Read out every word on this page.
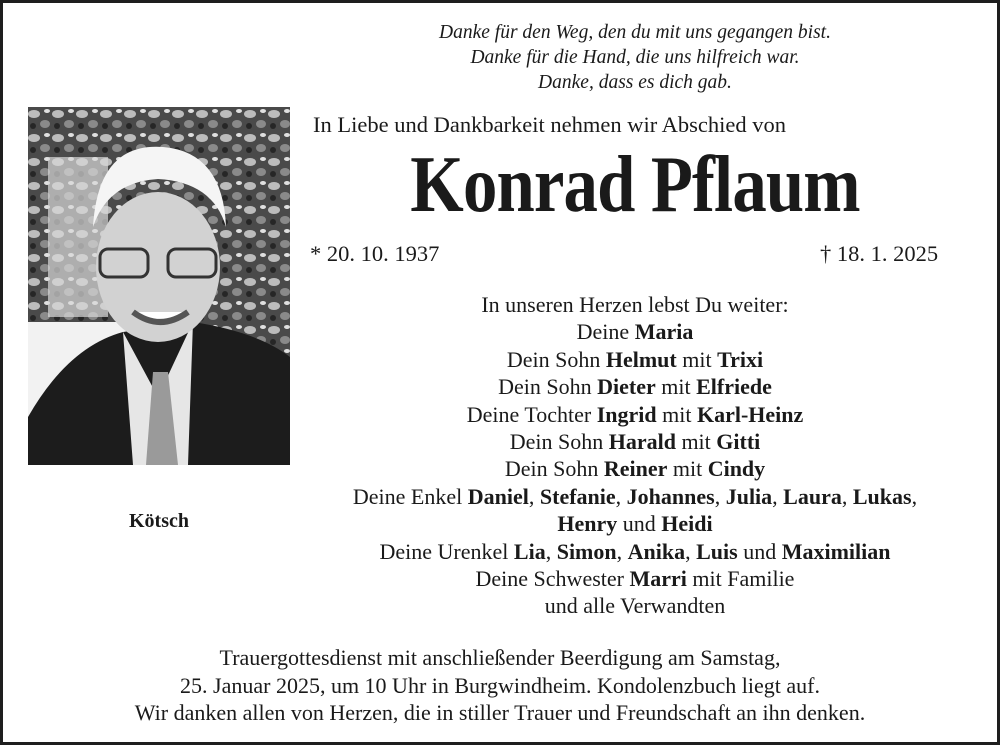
Danke für den Weg, den du mit uns gegangen bist.
Danke für die Hand, die uns hilfreich war.
Danke, dass es dich gab.
In Liebe und Dankbarkeit nehmen wir Abschied von
Konrad Pflaum
* 20. 10. 1937	† 18. 1. 2025
Kötsch
In unseren Herzen lebst Du weiter:
Deine Maria
Dein Sohn Helmut mit Trixi
Dein Sohn Dieter mit Elfriede
Deine Tochter Ingrid mit Karl-Heinz
Dein Sohn Harald mit Gitti
Dein Sohn Reiner mit Cindy
Deine Enkel Daniel, Stefanie, Johannes, Julia, Laura, Lukas,
Henry und Heidi
Deine Urenkel Lia, Simon, Anika, Luis und Maximilian
Deine Schwester Marri mit Familie
und alle Verwandten
Trauergottesdienst mit anschließender Beerdigung am Samstag,
25. Januar 2025, um 10 Uhr in Burgwindheim. Kondolenzbuch liegt auf.
Wir danken allen von Herzen, die in stiller Trauer und Freundschaft an ihn denken.
